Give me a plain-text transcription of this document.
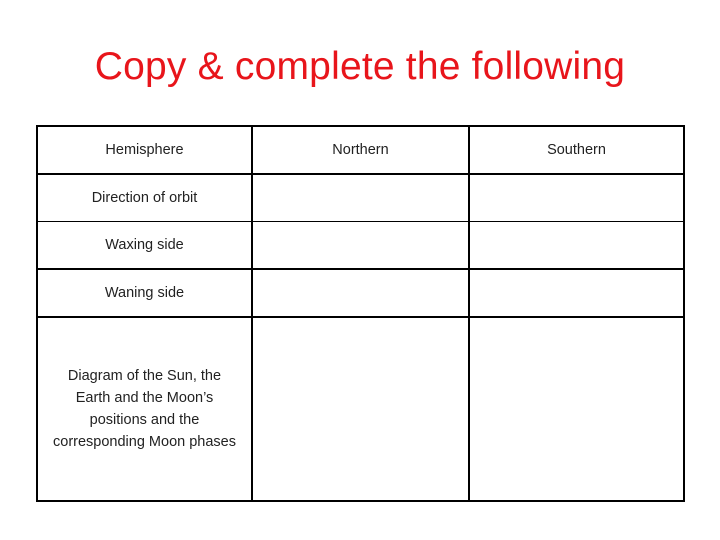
Copy & complete the following
Hemisphere	Northern	Southern
Direction of orbit
Waxing side
Waning side
Diagram of the Sun, the Earth and the Moon’s positions and the corresponding Moon phases
